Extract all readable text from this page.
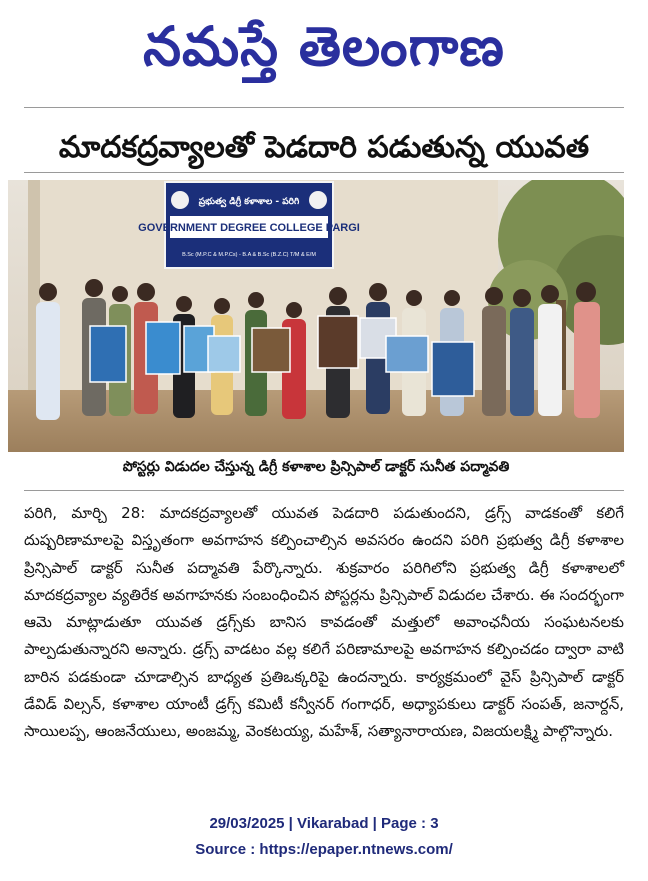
నమస్తే తెలంగాణ
మాదకద్రవ్యాలతో పెడదారి పడుతున్న యువత
ప్రభుత్వ డిగ్రీ కళాశాల - పరిగి
GOVERNMENT DEGREE COLLEGE PARGI
B.Sc (M.P.C & M.P.Cs) - B.A & B.Sc (B.Z.C) T/M & E/M
పోస్టర్లు విడుదల చేస్తున్న డిగ్రీ కళాశాల ప్రిన్సిపాల్ డాక్టర్ సునీత పద్మావతి
పరిగి, మార్చి 28: మాదకద్రవ్యాలతో యువత పెడదారి పడుతుందని, డ్రగ్స్ వాడకంతో కలిగే దుష్పరిణామాలపై విస్తృతంగా అవగాహన కల్పించాల్సిన అవసరం ఉందని పరిగి ప్రభుత్వ డిగ్రీ కళాశాల ప్రిన్సిపాల్ డాక్టర్ సునీత పద్మావతి పేర్కొన్నారు. శుక్రవారం పరిగిలోని ప్రభుత్వ డిగ్రీ కళాశాలలో మాదకద్రవ్యాల వ్యతిరేక అవగాహనకు సంబంధించిన పోస్టర్లను ప్రిన్సిపాల్ విడుదల చేశారు. ఈ సందర్భంగా ఆమె మాట్లాడుతూ యువత డ్రగ్స్‌కు బానిస కావడంతో మత్తులో అవాంఛనీయ సంఘటనలకు పాల్పడుతున్నారని అన్నారు. డ్రగ్స్ వాడటం వల్ల కలిగే పరిణామాలపై అవగాహన కల్పించడం ద్వారా వాటి బారిన పడకుండా చూడాల్సిన బాధ్యత ప్రతిఒక్కరిపై ఉందన్నారు. కార్యక్రమంలో వైస్ ప్రిన్సిపాల్ డాక్టర్ డేవిడ్ విల్సన్, కళాశాల యాంటీ డ్రగ్స్ కమిటీ కన్వీనర్ గంగాధర్, అధ్యాపకులు డాక్టర్ సంపత్, జనార్దన్, సాయిలప్ప, ఆంజనేయులు, అంజమ్మ, వెంకటయ్య, మహేశ్, సత్యానారాయణ, విజయలక్ష్మి పాల్గొన్నారు.
29/03/2025 | Vikarabad | Page : 3
Source : https://epaper.ntnews.com/
